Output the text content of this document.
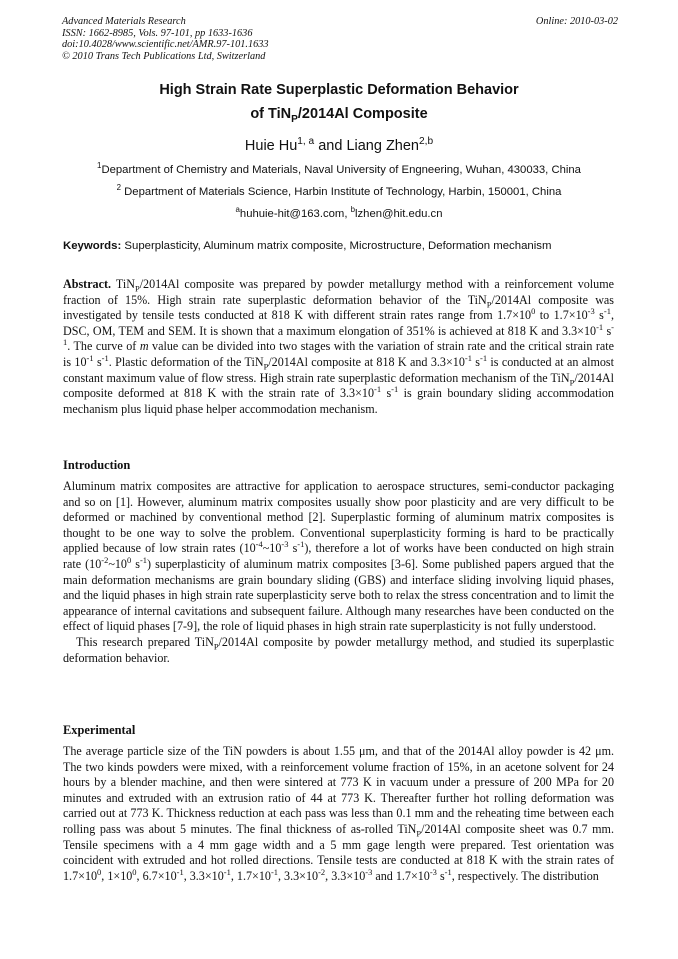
Advanced Materials Research
ISSN: 1662-8985, Vols. 97-101, pp 1633-1636
doi:10.4028/www.scientific.net/AMR.97-101.1633
© 2010 Trans Tech Publications Ltd, Switzerland
Online: 2010-03-02
High Strain Rate Superplastic Deformation Behavior
of TiN$_P$/2014Al Composite
Huie Hu$^{1, a}$ and Liang Zhen$^{2,b}$
$^1$Department of Chemistry and Materials, Naval University of Engneering, Wuhan, 430033, China
$^2$ Department of Materials Science, Harbin Institute of Technology, Harbin, 150001, China
$^a$huhuie-hit@163.com, $^b$lzhen@hit.edu.cn
Keywords: Superplasticity, Aluminum matrix composite, Microstructure, Deformation mechanism

Abstract. TiN$_P$/2014Al composite was prepared by powder metallurgy method with a reinforcement volume fraction of 15%. High strain rate superplastic deformation behavior of the TiN$_P$/2014Al composite was investigated by tensile tests conducted at 818 K with different strain rates range from $1.7\times 10^0$ to $1.7\times 10^{-3}$ $s^{-1}$, DSC, OM, TEM and SEM. It is shown that a maximum elongation of 351% is achieved at 818 K and $3.3\times 10^{-1}$ $s^{-1}$. The curve of m value can be divided into two stages with the variation of strain rate and the critical strain rate is $10^{-1}$ $s^{-1}$. Plastic deformation of the TiN$_P$/2014Al composite at 818 K and $3.3\times 10^{-1}$ $s^{-1}$ is conducted at an almost constant maximum value of flow stress. High strain rate superplastic deformation mechanism of the TiN$_P$/2014Al composite deformed at 818 K with the strain rate of $3.3\times 10^{-1}$ $s^{-1}$ is grain boundary sliding accommodation mechanism plus liquid phase helper accommodation mechanism.

Introduction

Aluminum matrix composites are attractive for application to aerospace structures, semi-conductor packaging and so on [1]. However, aluminum matrix composites usually show poor plasticity and are very difficult to be deformed or machined by conventional method [2]. Superplastic forming of aluminum matrix composites is thought to be one way to solve the problem. Conventional superplasticity forming is hard to be practically applied because of low strain rates ($10^{-4}\sim 10^{-3}$ $s^{-1}$), therefore a lot of works have been conducted on high strain rate ($10^{-2}\sim 10^0$ $s^{-1}$) superplasticity of aluminum matrix composites [3-6]. Some published papers argued that the main deformation mechanisms are grain boundary sliding (GBS) and interface sliding involving liquid phases, and the liquid phases in high strain rate superplasticity serve both to relax the stress concentration and to limit the appearance of internal cavitations and subsequent failure. Although many researches have been conducted on the effect of liquid phases [7-9], the role of liquid phases in high strain rate superplasticity is not fully understood.

This research prepared TiN$_P$/2014Al composite by powder metallurgy method, and studied its superplastic deformation behavior.

Experimental

The average particle size of the TiN powders is about 1.55 μm, and that of the 2014Al alloy powder is 42 μm. The two kinds powders were mixed, with a reinforcement volume fraction of 15%, in an acetone solvent for 24 hours by a blender machine, and then were sintered at 773 K in vacuum under a pressure of 200 MPa for 20 minutes and extruded with an extrusion ratio of 44 at 773 K. Thereafter further hot rolling deformation was carried out at 773 K. Thickness reduction at each pass was less than 0.1 mm and the reheating time between each rolling pass was about 5 minutes. The final thickness of as-rolled TiN$_P$/2014Al composite sheet was 0.7 mm. Tensile specimens with a 4 mm gage width and a 5 mm gage length were prepared. Test orientation was coincident with extruded and hot rolled directions. Tensile tests are conducted at 818 K with the strain rates of $1.7\times 10^0$, $1\times 10^0$, $6.7\times 10^{-1}$, $3.3\times 10^{-1}$, $1.7\times 10^{-1}$, $3.3\times 10^{-2}$, $3.3\times 10^{-3}$ and $1.7\times 10^{-3}$ $s^{-1}$, respectively. The distribution
